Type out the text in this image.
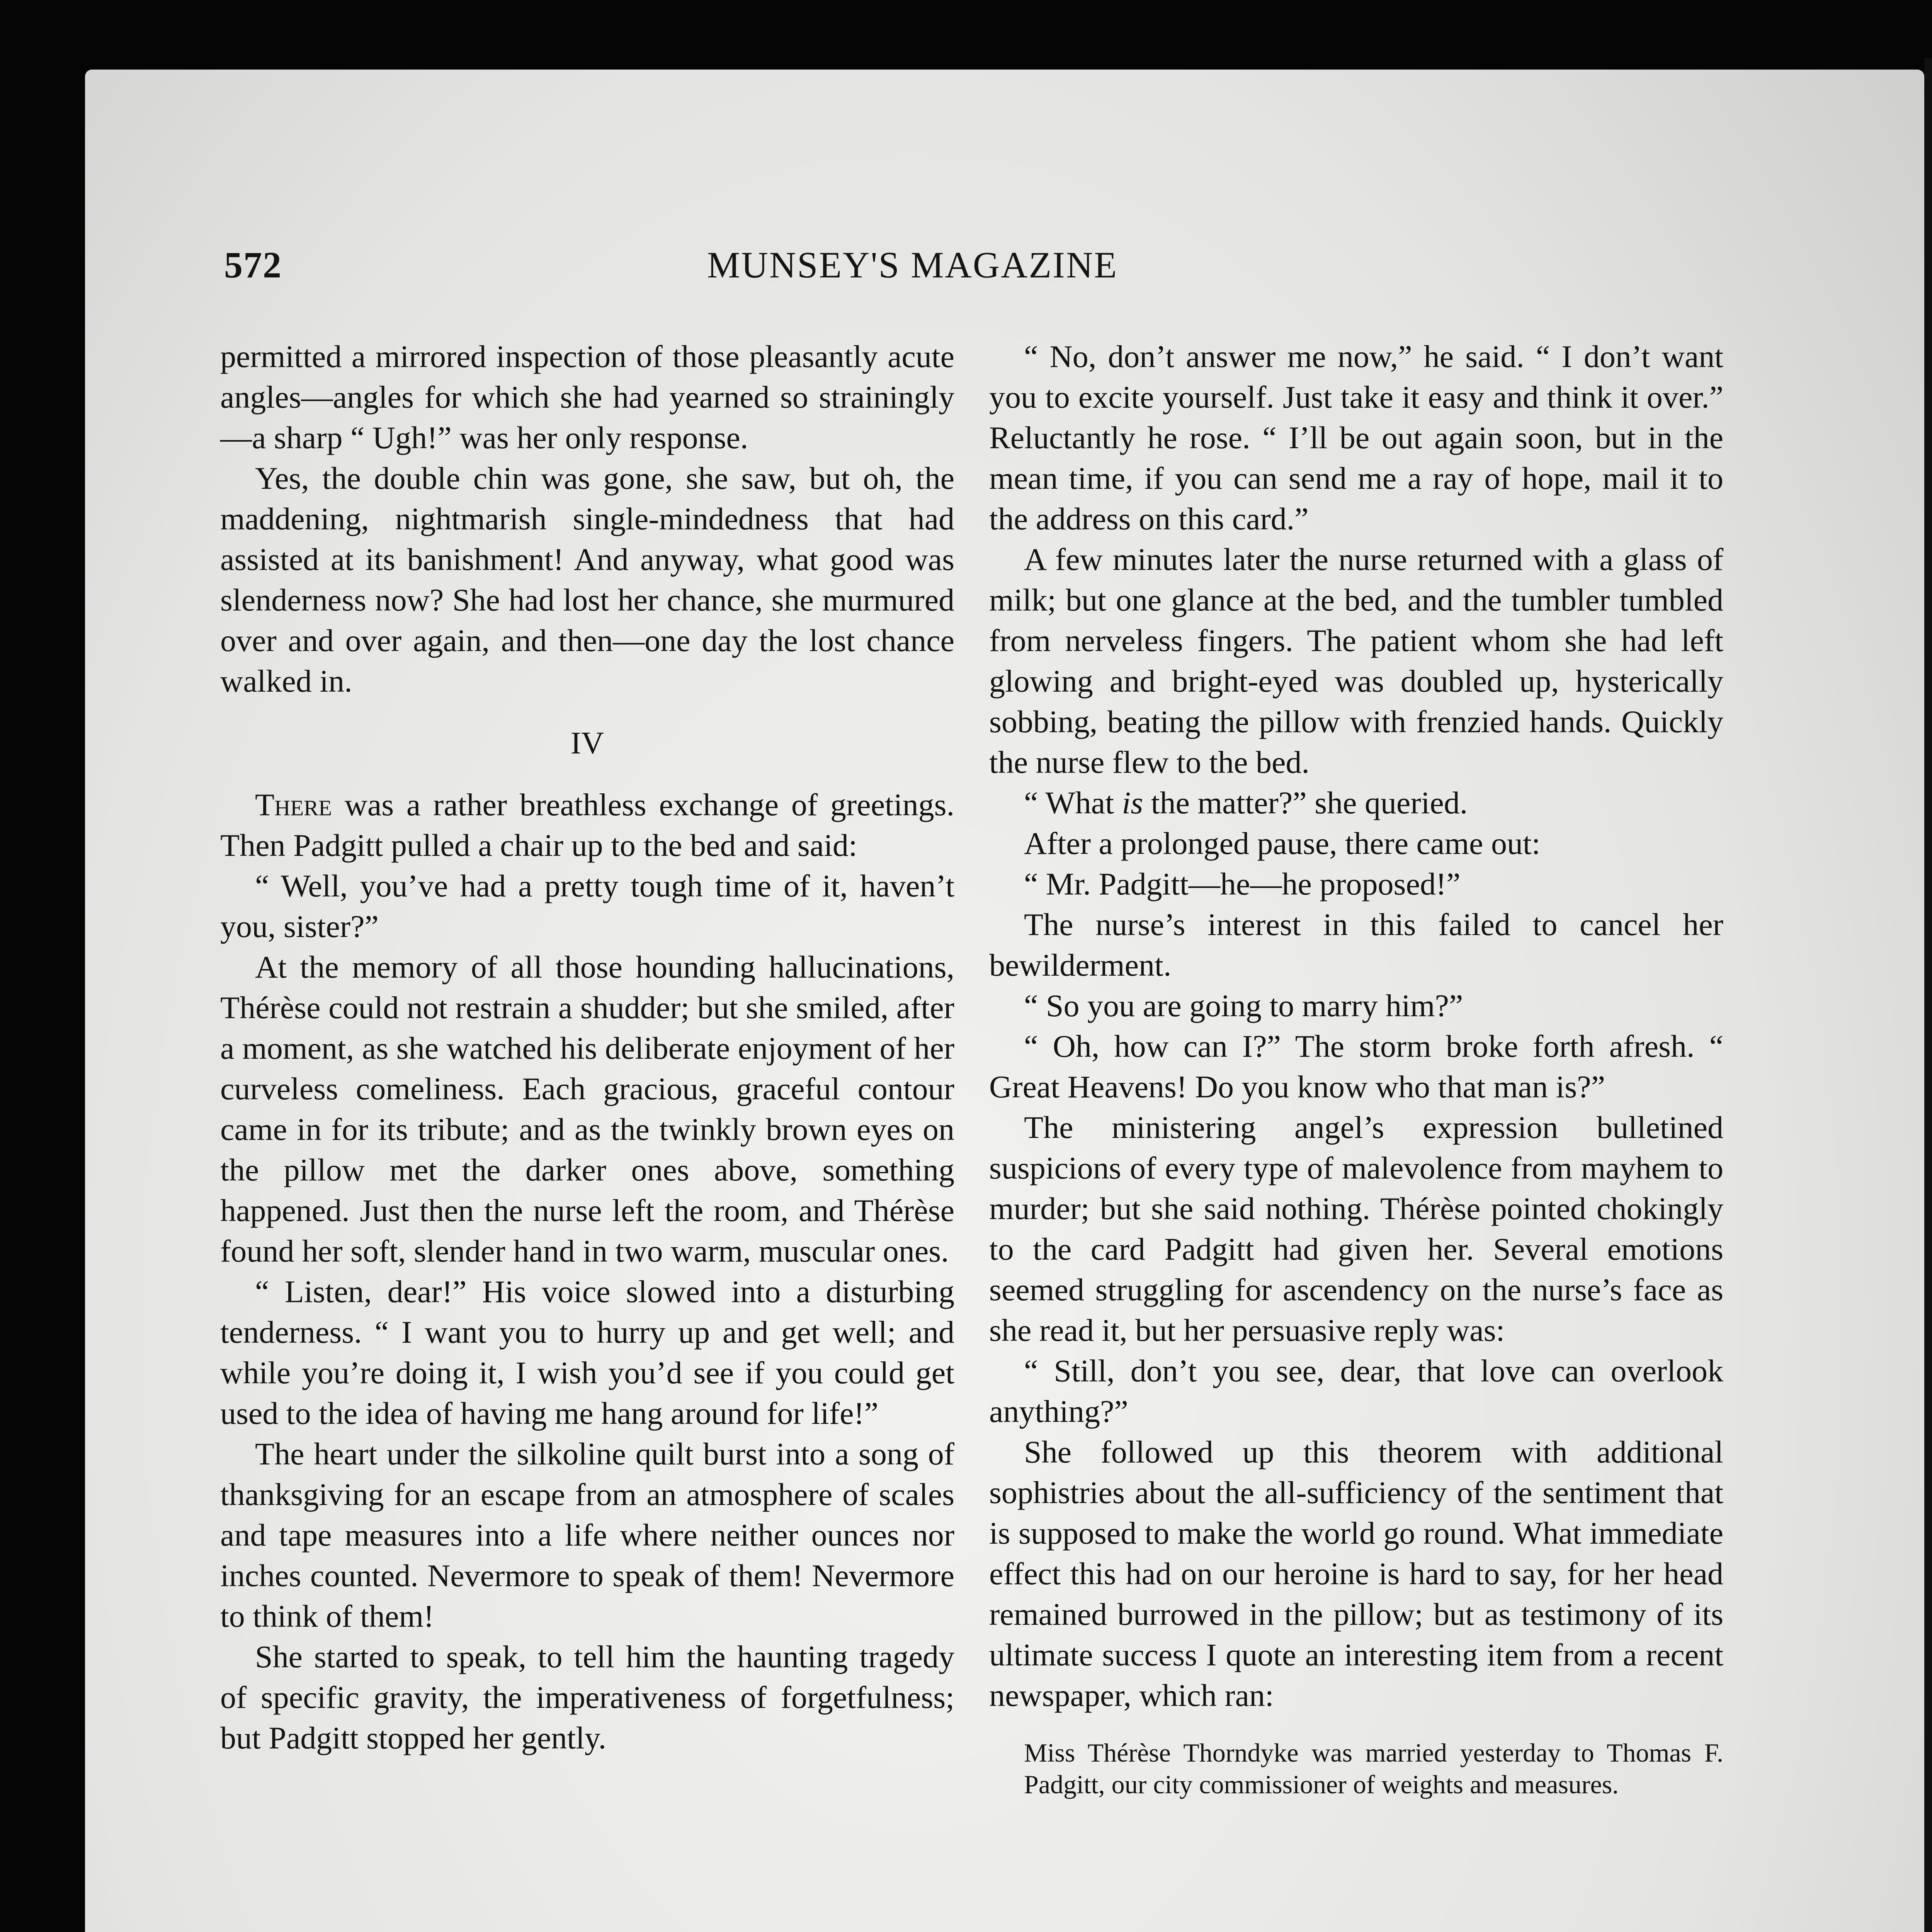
572	MUNSEY'S MAGAZINE

permitted a mirrored inspection of those pleasantly acute angles—angles for which she had yearned so strainingly—a sharp “ Ugh!” was her only response.

Yes, the double chin was gone, she saw, but oh, the maddening, nightmarish single-mindedness that had assisted at its banishment! And anyway, what good was slenderness now? She had lost her chance, she murmured over and over again, and then—one day the lost chance walked in.

IV

There was a rather breathless exchange of greetings. Then Padgitt pulled a chair up to the bed and said:

“ Well, you’ve had a pretty tough time of it, haven’t you, sister?”

At the memory of all those hounding hallucinations, Thérèse could not restrain a shudder; but she smiled, after a moment, as she watched his deliberate enjoyment of her curveless comeliness. Each gracious, graceful contour came in for its tribute; and as the twinkly brown eyes on the pillow met the darker ones above, something happened. Just then the nurse left the room, and Thérèse found her soft, slender hand in two warm, muscular ones.

“ Listen, dear!” His voice slowed into a disturbing tenderness. “ I want you to hurry up and get well; and while you’re doing it, I wish you’d see if you could get used to the idea of having me hang around for life!”

The heart under the silkoline quilt burst into a song of thanksgiving for an escape from an atmosphere of scales and tape measures into a life where neither ounces nor inches counted. Nevermore to speak of them! Nevermore to think of them!

She started to speak, to tell him the haunting tragedy of specific gravity, the imperativeness of forgetfulness; but Padgitt stopped her gently.

“ No, don’t answer me now,” he said. “ I don’t want you to excite yourself. Just take it easy and think it over.” Reluctantly he rose. “ I’ll be out again soon, but in the mean time, if you can send me a ray of hope, mail it to the address on this card.”

A few minutes later the nurse returned with a glass of milk; but one glance at the bed, and the tumbler tumbled from nerveless fingers. The patient whom she had left glowing and bright-eyed was doubled up, hysterically sobbing, beating the pillow with frenzied hands. Quickly the nurse flew to the bed.

“ What is the matter?” she queried.

After a prolonged pause, there came out:

“ Mr. Padgitt—he—he proposed!”

The nurse’s interest in this failed to cancel her bewilderment.

“ So you are going to marry him?”

“ Oh, how can I?” The storm broke forth afresh. “ Great Heavens! Do you know who that man is?”

The ministering angel’s expression bulletined suspicions of every type of malevolence from mayhem to murder; but she said nothing. Thérèse pointed chokingly to the card Padgitt had given her. Several emotions seemed struggling for ascendency on the nurse’s face as she read it, but her persuasive reply was:

“ Still, don’t you see, dear, that love can overlook anything?”

She followed up this theorem with additional sophistries about the all-sufficiency of the sentiment that is supposed to make the world go round. What immediate effect this had on our heroine is hard to say, for her head remained burrowed in the pillow; but as testimony of its ultimate success I quote an interesting item from a recent newspaper, which ran:

Miss Thérèse Thorndyke was married yesterday to Thomas F. Padgitt, our city commissioner of weights and measures.
